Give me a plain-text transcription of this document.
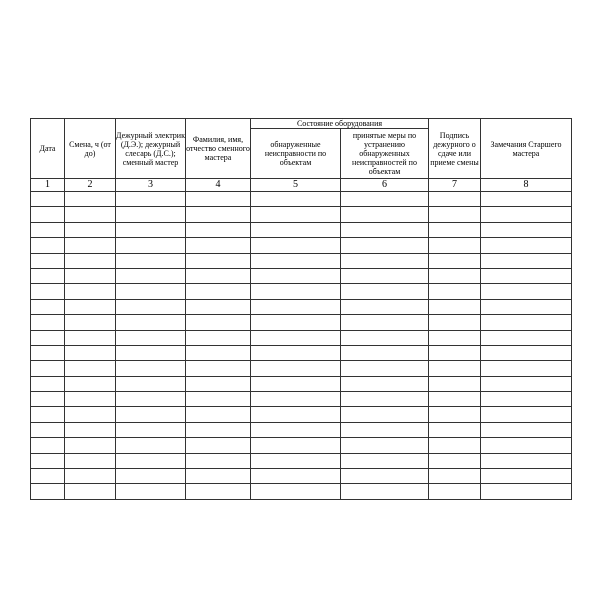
Дата	Смена, ч (от до)	Дежурный электрик (Д.Э.); дежурный слесарь (Д.С.); сменный мастер	Фамилия, имя, отчество сменного мастера	Состояние оборудования		Подпись дежурного о сдаче или приеме смены	Замечания Старшего мастера
				обнаруженные неисправности по объектам	принятые меры по устранению обнаруженных неисправностей по объектам		
1	2	3	4	5	6	7	8
